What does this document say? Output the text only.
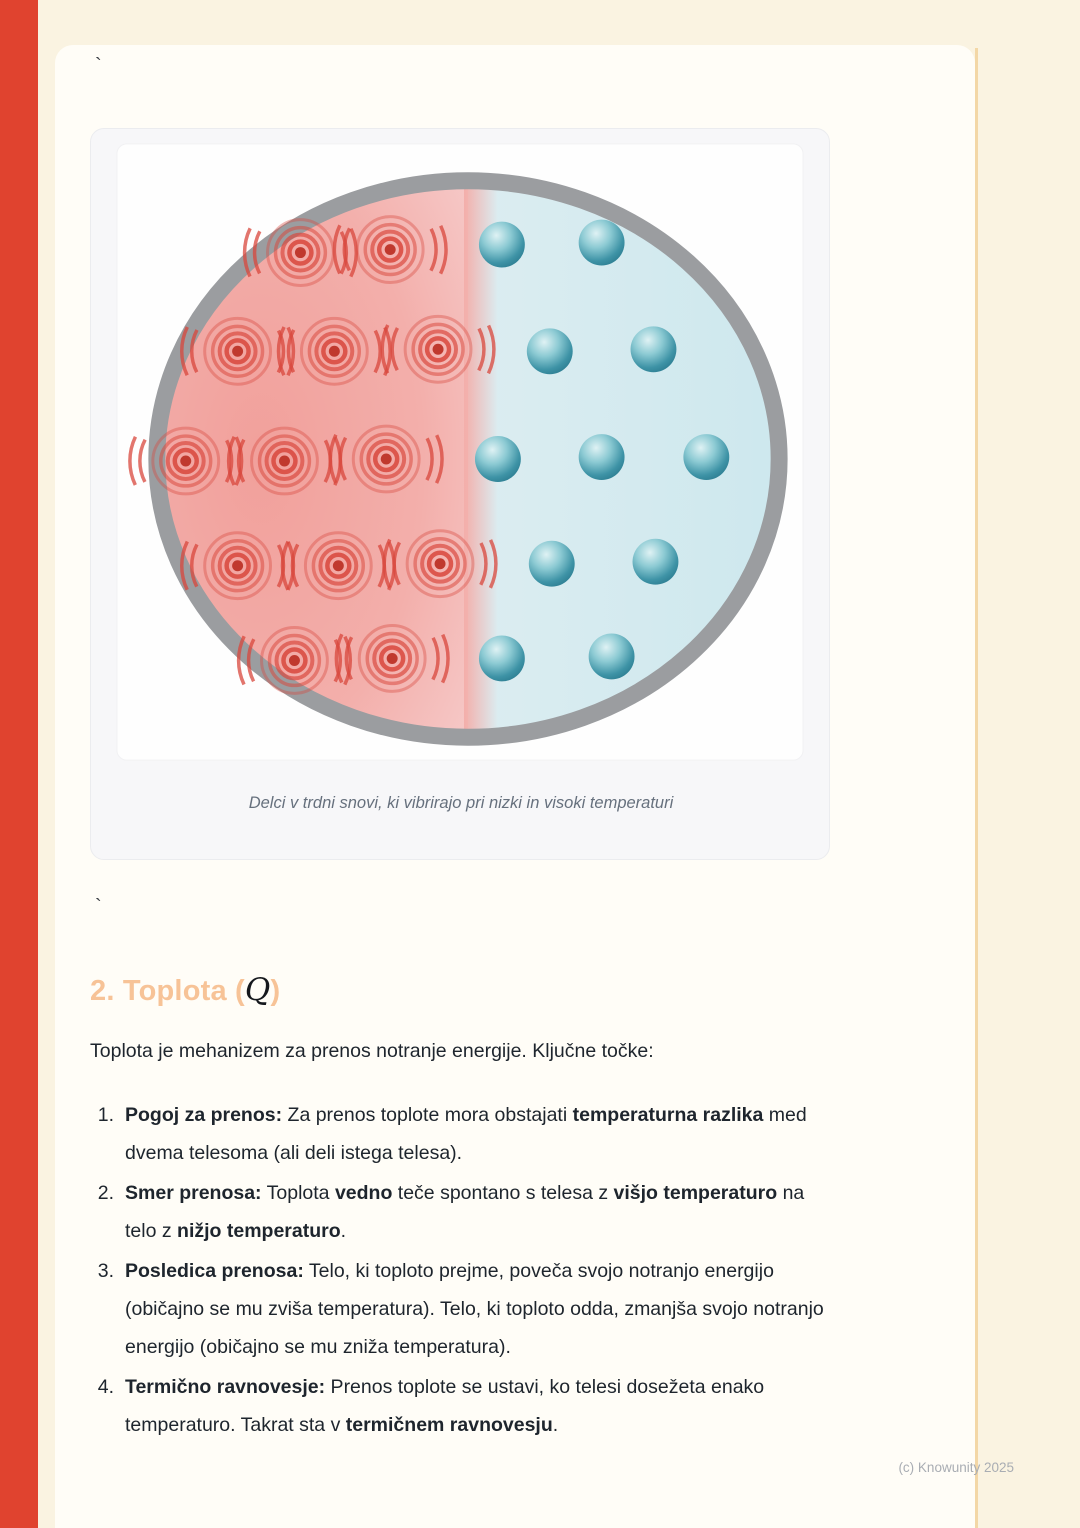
`
Delci v trdni snovi, ki vibrirajo pri nizki in visoki temperaturi
`
2. Toplota (Q)

Toplota je mehanizem za prenos notranje energije. Ključne točke:

1. Pogoj za prenos: Za prenos toplote mora obstajati temperaturna razlika med dvema telesoma (ali deli istega telesa).
2. Smer prenosa: Toplota vedno teče spontano s telesa z višjo temperaturo na telo z nižjo temperaturo.
3. Posledica prenosa: Telo, ki toploto prejme, poveča svojo notranjo energijo (običajno se mu zviša temperatura). Telo, ki toploto odda, zmanjša svojo notranjo energijo (običajno se mu zniža temperatura).
4. Termično ravnovesje: Prenos toplote se ustavi, ko telesi dosežeta enako temperaturo. Takrat sta v termičnem ravnovesju.
(c) Knowunity 2025
